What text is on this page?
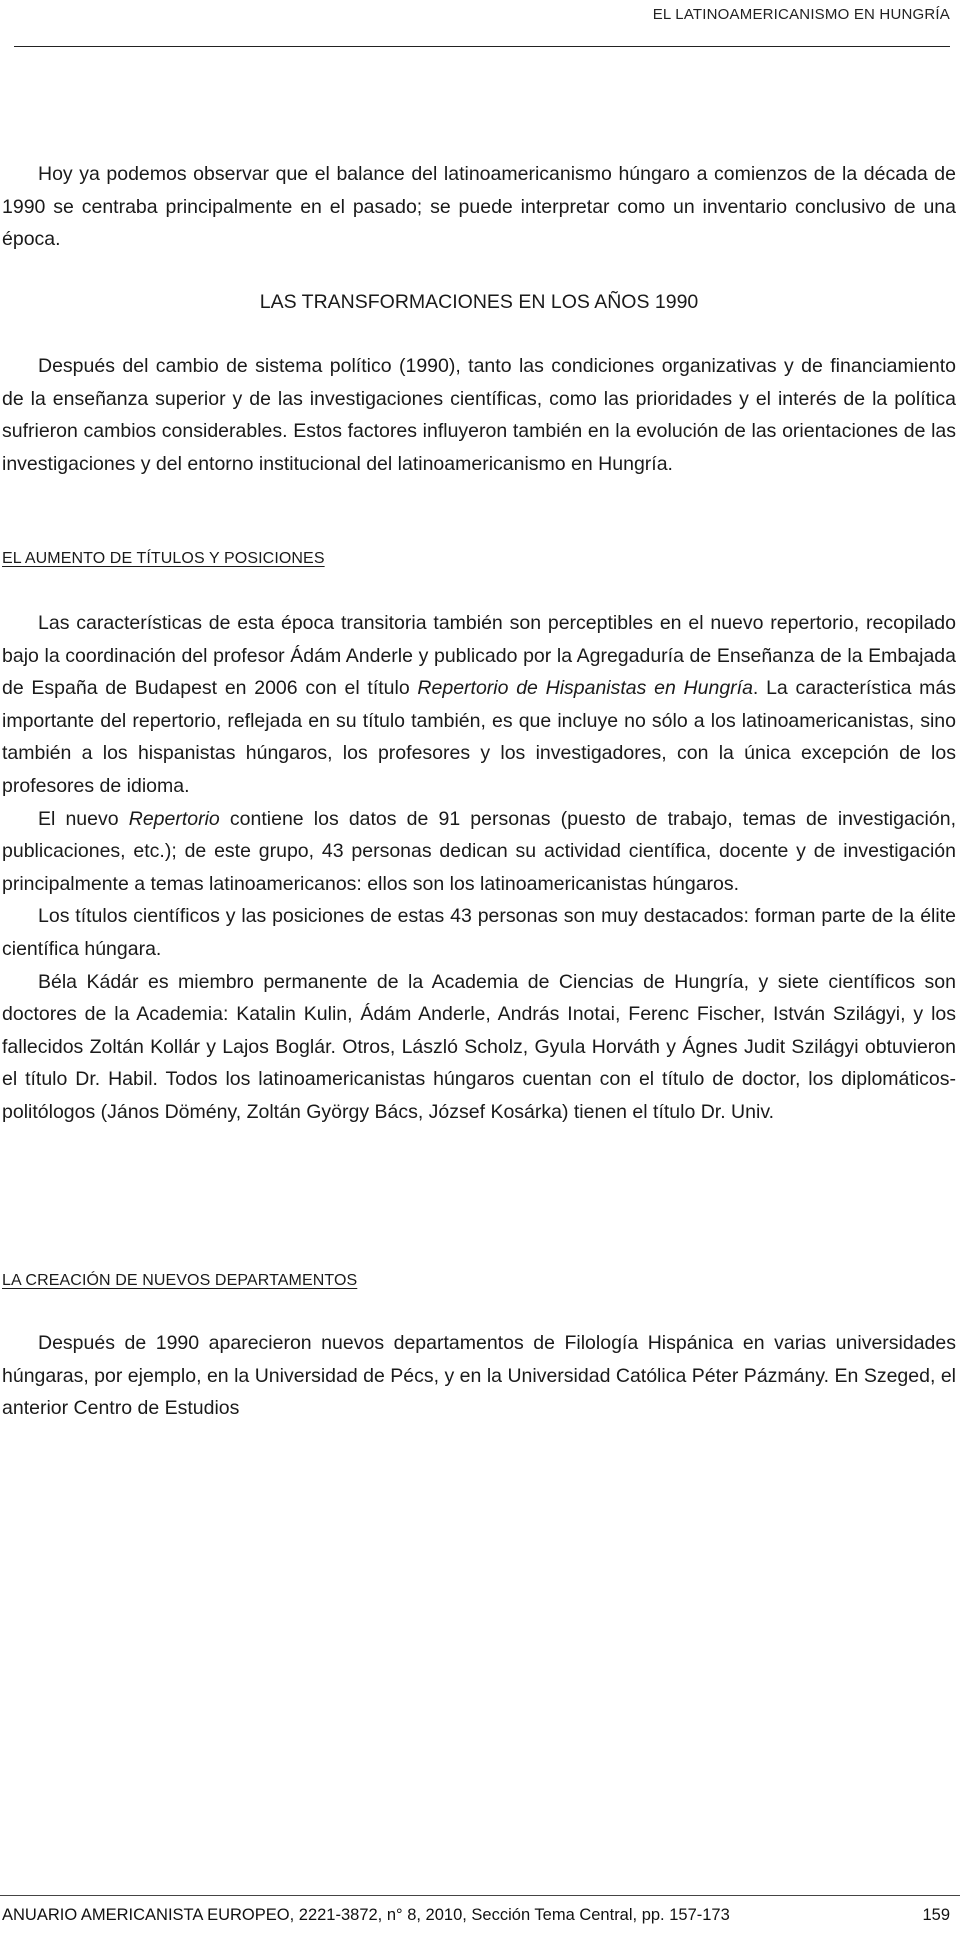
EL LATINOAMERICANISMO EN HUNGRÍA

Hoy ya podemos observar que el balance del latinoamericanismo húngaro a comienzos de la década de 1990 se centraba principalmente en el pasado; se puede interpretar como un inventario conclusivo de una época.

LAS TRANSFORMACIONES EN LOS AÑOS 1990

Después del cambio de sistema político (1990), tanto las condiciones organizativas y de financiamiento de la enseñanza superior y de las investigaciones científicas, como las prioridades y el interés de la política sufrieron cambios considerables. Estos factores influyeron también en la evolución de las orientaciones de las investigaciones y del entorno institucional del latinoamericanismo en Hungría.

EL AUMENTO DE TÍTULOS Y POSICIONES

Las características de esta época transitoria también son perceptibles en el nuevo repertorio, recopilado bajo la coordinación del profesor Ádám Anderle y publicado por la Agregaduría de Enseñanza de la Embajada de España de Budapest en 2006 con el título Repertorio de Hispanistas en Hungría. La característica más importante del repertorio, reflejada en su título también, es que incluye no sólo a los latinoamericanistas, sino también a los hispanistas húngaros, los profesores y los investigadores, con la única excepción de los profesores de idioma.

El nuevo Repertorio contiene los datos de 91 personas (puesto de trabajo, temas de investigación, publicaciones, etc.); de este grupo, 43 personas dedican su actividad científica, docente y de investigación principalmente a temas latinoamericanos: ellos son los latinoamericanistas húngaros.

Los títulos científicos y las posiciones de estas 43 personas son muy destacados: forman parte de la élite científica húngara.

Béla Kádár es miembro permanente de la Academia de Ciencias de Hungría, y siete científicos son doctores de la Academia: Katalin Kulin, Ádám Anderle, András Inotai, Ferenc Fischer, István Szilágyi, y los fallecidos Zoltán Kollár y Lajos Boglár. Otros, László Scholz, Gyula Horváth y Ágnes Judit Szilágyi obtuvieron el título Dr. Habil. Todos los latinoamericanistas húngaros cuentan con el título de doctor, los diplomáticos-politólogos (János Dömény, Zoltán György Bács, József Kosárka) tienen el título Dr. Univ.

LA CREACIÓN DE NUEVOS DEPARTAMENTOS

Después de 1990 aparecieron nuevos departamentos de Filología Hispánica en varias universidades húngaras, por ejemplo, en la Universidad de Pécs, y en la Universidad Católica Péter Pázmány. En Szeged, el anterior Centro de Estudios

ANUARIO AMERICANISTA EUROPEO, 2221-3872, n° 8, 2010, Sección Tema Central, pp. 157-173	159
